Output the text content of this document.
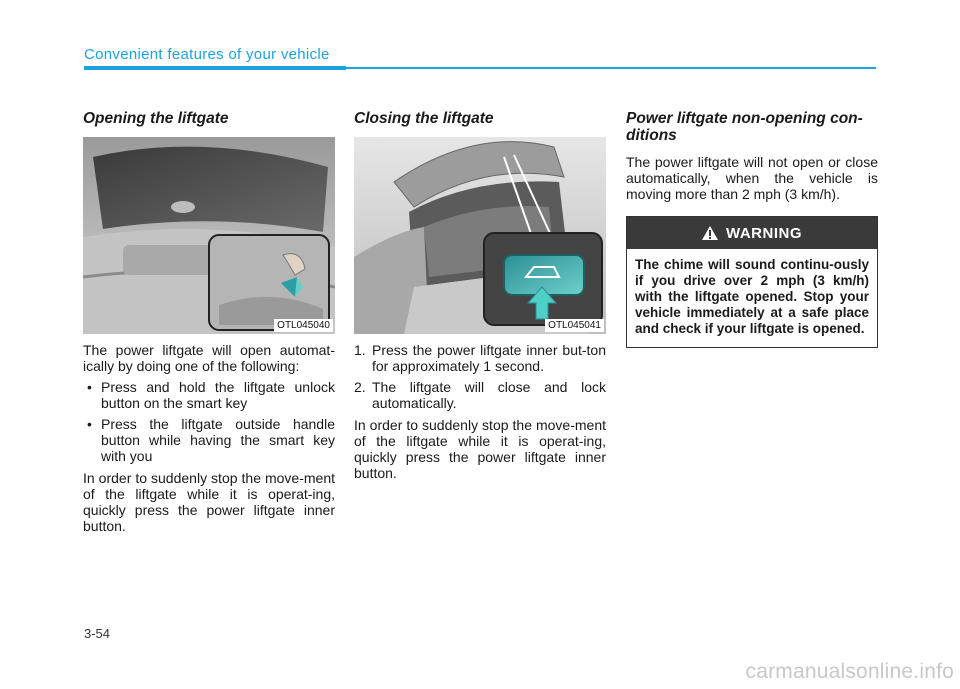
Convenient features of your vehicle
Opening the liftgate
OTL045040

The power liftgate will open automat-ically by doing one of the following:

• Press and hold the liftgate unlock button on the smart key
• Press the liftgate outside handle button while having the smart key with you

In order to suddenly stop the move-ment of the liftgate while it is operat-ing, quickly press the power liftgate inner button.

Closing the liftgate
OTL045041
1. Press the power liftgate inner but-ton for approximately 1 second.
2. The liftgate will close and lock automatically.

In order to suddenly stop the move-ment of the liftgate while it is operat-ing, quickly press the power liftgate inner button.

Power liftgate non-opening con-ditions

The power liftgate will not open or close automatically, when the vehicle is moving more than 2 mph (3 km/h).

WARNING
The chime will sound continu-ously if you drive over 2 mph (3 km/h) with the liftgate opened. Stop your vehicle immediately at a safe place and check if your liftgate is opened.
3-54
carmanualsonline.info
